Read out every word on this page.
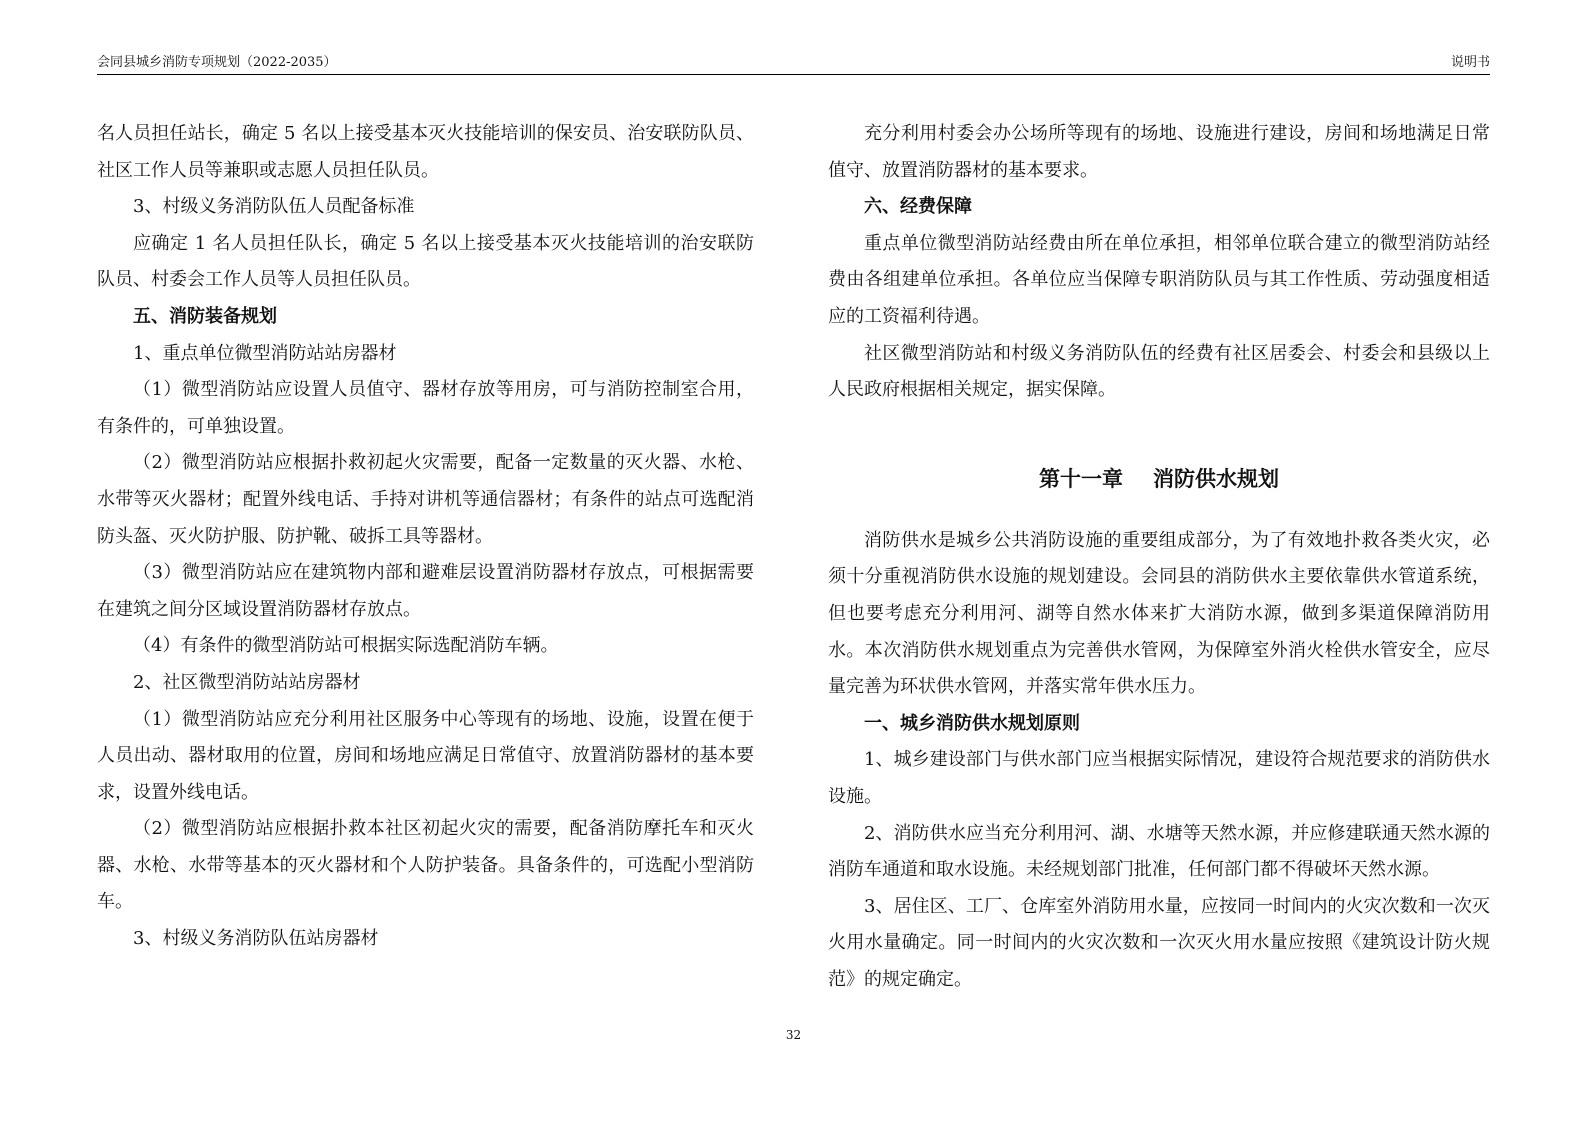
会同县城乡消防专项规划（2022-2035）	说明书

名人员担任站长，确定 5 名以上接受基本灭火技能培训的保安员、治安联防队员、社区工作人员等兼职或志愿人员担任队员。

3、村级义务消防队伍人员配备标准

应确定 1 名人员担任队长，确定 5 名以上接受基本灭火技能培训的治安联防队员、村委会工作人员等人员担任队员。

五、消防装备规划

1、重点单位微型消防站站房器材

（1）微型消防站应设置人员值守、器材存放等用房，可与消防控制室合用，有条件的，可单独设置。

（2）微型消防站应根据扑救初起火灾需要，配备一定数量的灭火器、水枪、水带等灭火器材；配置外线电话、手持对讲机等通信器材；有条件的站点可选配消防头盔、灭火防护服、防护靴、破拆工具等器材。

（3）微型消防站应在建筑物内部和避难层设置消防器材存放点，可根据需要在建筑之间分区域设置消防器材存放点。

（4）有条件的微型消防站可根据实际选配消防车辆。

2、社区微型消防站站房器材

（1）微型消防站应充分利用社区服务中心等现有的场地、设施，设置在便于人员出动、器材取用的位置，房间和场地应满足日常值守、放置消防器材的基本要求，设置外线电话。

（2）微型消防站应根据扑救本社区初起火灾的需要，配备消防摩托车和灭火器、水枪、水带等基本的灭火器材和个人防护装备。具备条件的，可选配小型消防车。

3、村级义务消防队伍站房器材

充分利用村委会办公场所等现有的场地、设施进行建设，房间和场地满足日常值守、放置消防器材的基本要求。

六、经费保障

重点单位微型消防站经费由所在单位承担，相邻单位联合建立的微型消防站经费由各组建单位承担。各单位应当保障专职消防队员与其工作性质、劳动强度相适应的工资福利待遇。

社区微型消防站和村级义务消防队伍的经费有社区居委会、村委会和县级以上人民政府根据相关规定，据实保障。

第十一章 消防供水规划

消防供水是城乡公共消防设施的重要组成部分，为了有效地扑救各类火灾，必须十分重视消防供水设施的规划建设。会同县的消防供水主要依靠供水管道系统，但也要考虑充分利用河、湖等自然水体来扩大消防水源，做到多渠道保障消防用水。本次消防供水规划重点为完善供水管网，为保障室外消火栓供水管安全，应尽量完善为环状供水管网，并落实常年供水压力。

一、城乡消防供水规划原则

1、城乡建设部门与供水部门应当根据实际情况，建设符合规范要求的消防供水设施。

2、消防供水应当充分利用河、湖、水塘等天然水源，并应修建联通天然水源的消防车通道和取水设施。未经规划部门批准，任何部门都不得破坏天然水源。

3、居住区、工厂、仓库室外消防用水量，应按同一时间内的火灾次数和一次灭火用水量确定。同一时间内的火灾次数和一次灭火用水量应按照《建筑设计防火规范》的规定确定。

32
